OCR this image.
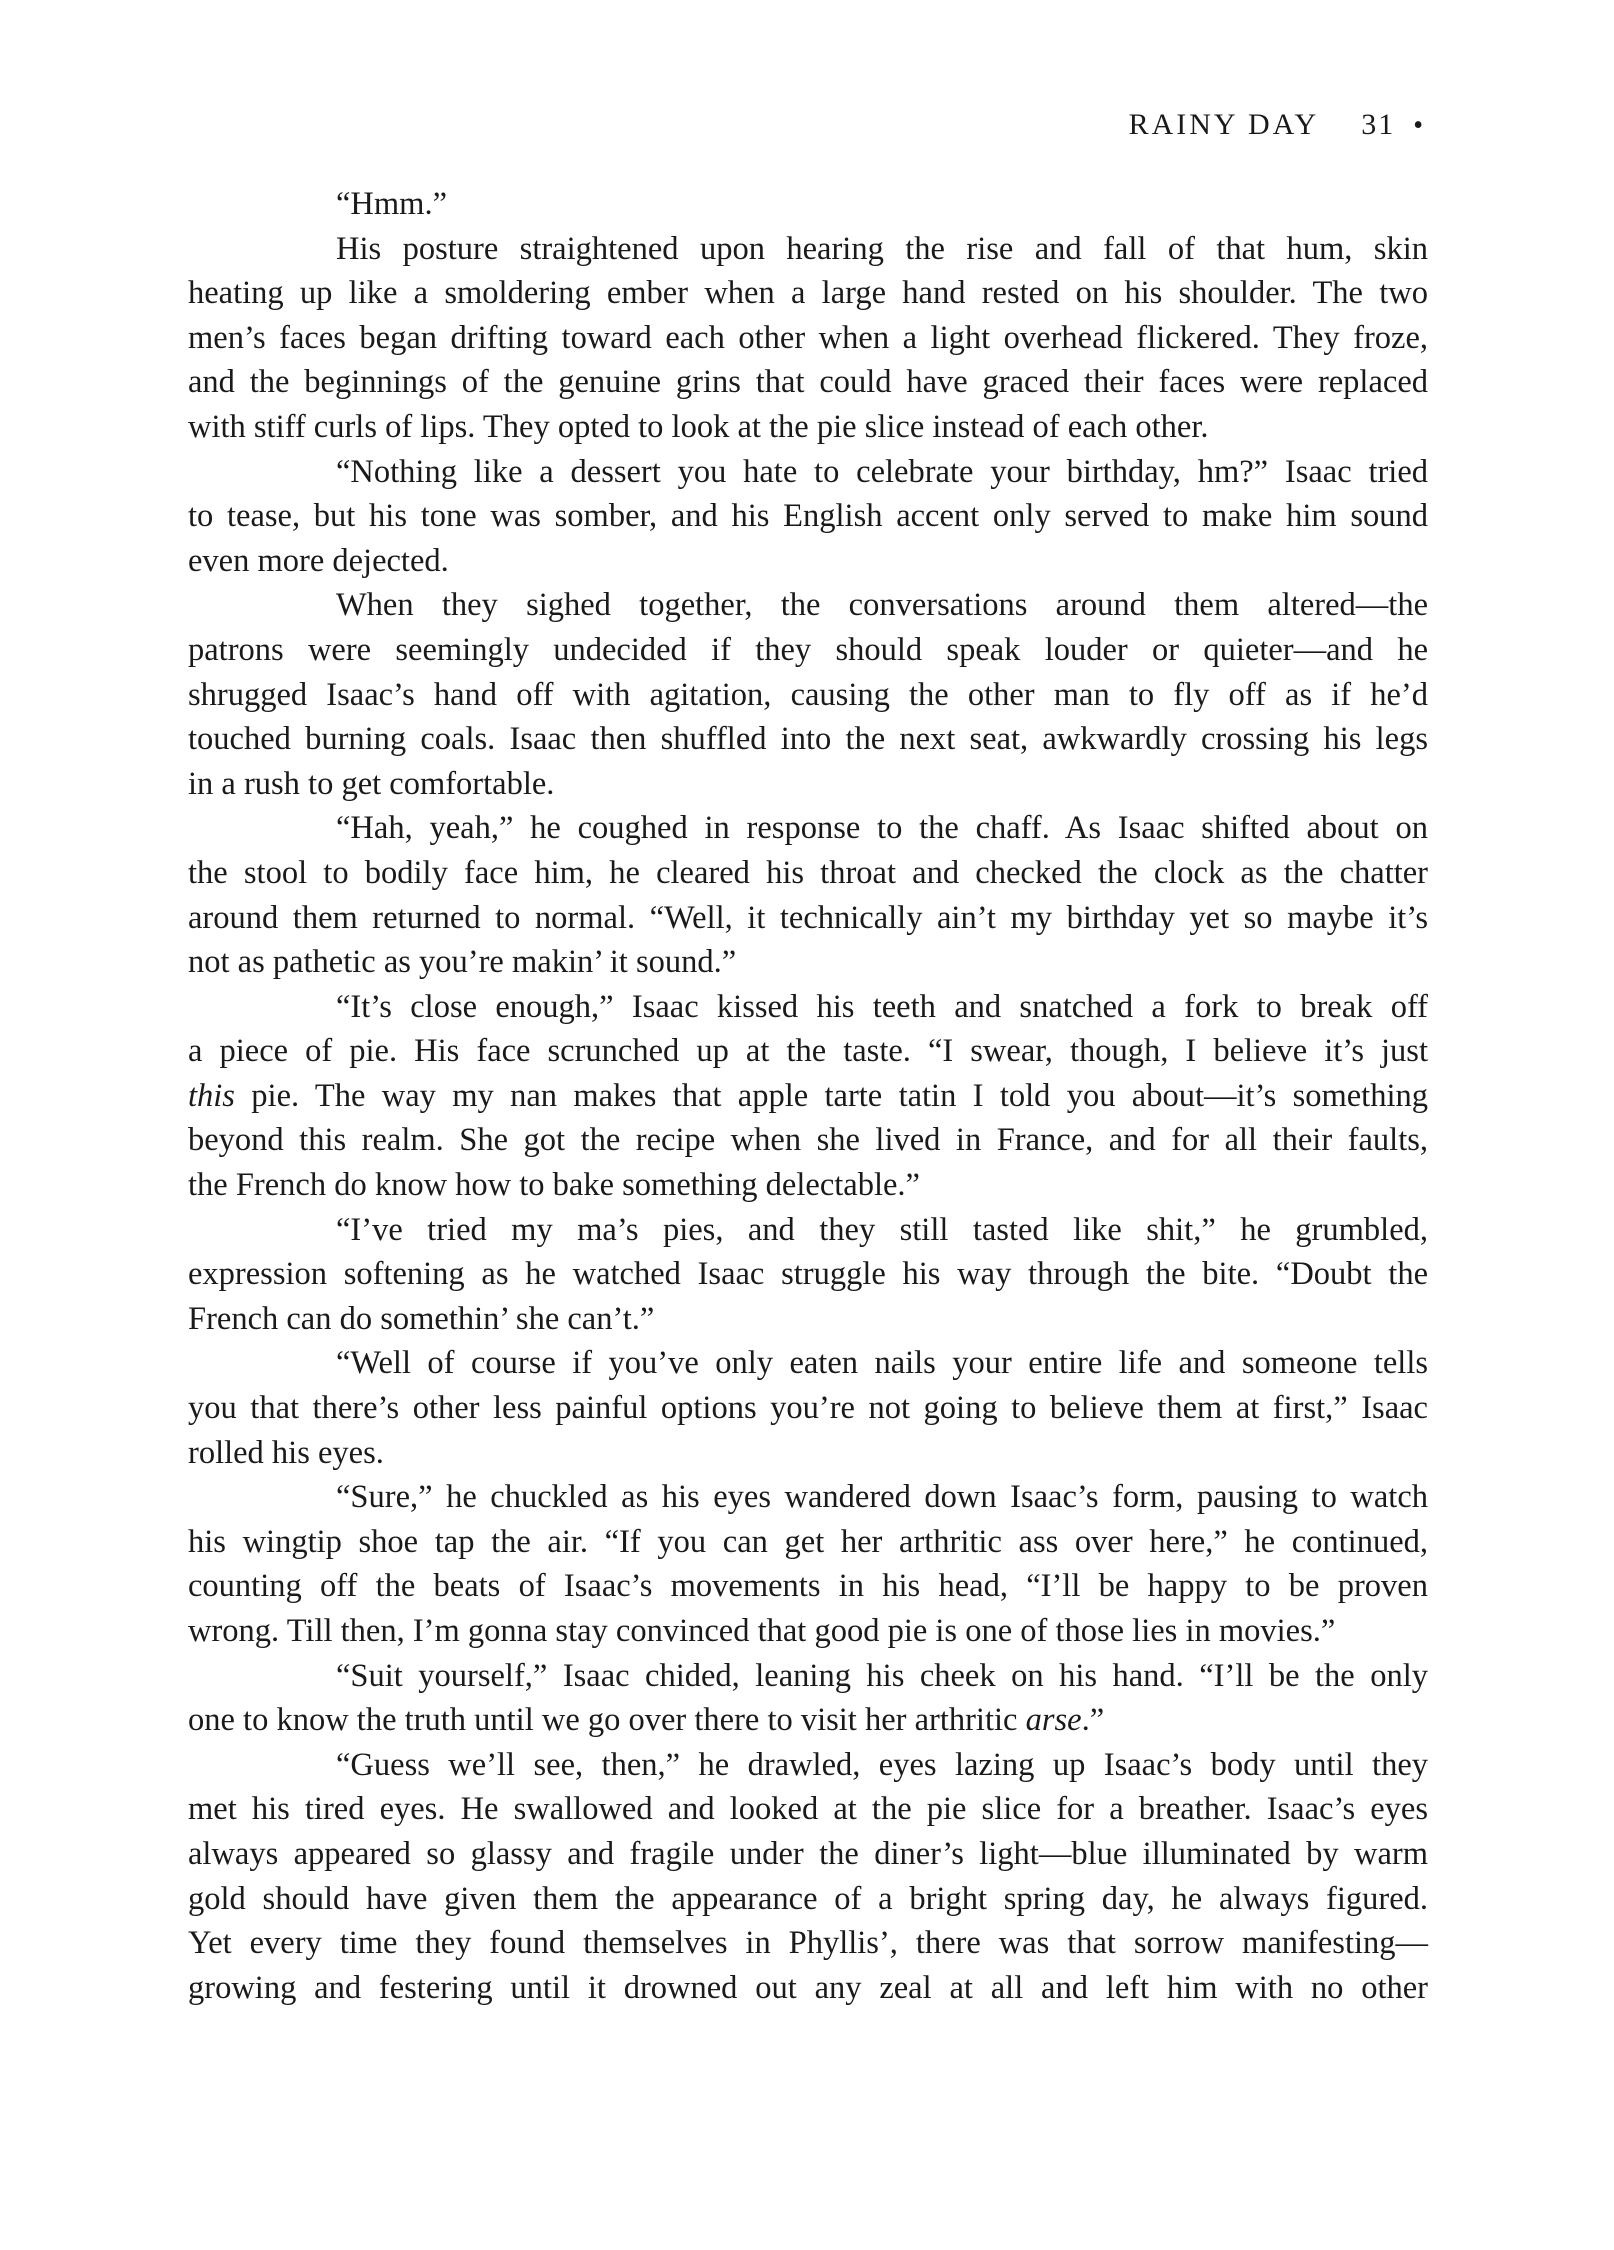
RAINY DAY 31 •
“Hmm.”
His posture straightened upon hearing the rise and fall of that hum, skin
heating up like a smoldering ember when a large hand rested on his shoulder. The two
men’s faces began drifting toward each other when a light overhead flickered. They froze,
and the beginnings of the genuine grins that could have graced their faces were replaced
with stiff curls of lips. They opted to look at the pie slice instead of each other.
“Nothing like a dessert you hate to celebrate your birthday, hm?” Isaac tried
to tease, but his tone was somber, and his English accent only served to make him sound
even more dejected.
When they sighed together, the conversations around them altered—the
patrons were seemingly undecided if they should speak louder or quieter—and he
shrugged Isaac’s hand off with agitation, causing the other man to fly off as if he’d
touched burning coals. Isaac then shuffled into the next seat, awkwardly crossing his legs
in a rush to get comfortable.
“Hah, yeah,” he coughed in response to the chaff. As Isaac shifted about on
the stool to bodily face him, he cleared his throat and checked the clock as the chatter
around them returned to normal. “Well, it technically ain’t my birthday yet so maybe it’s
not as pathetic as you’re makin’ it sound.”
“It’s close enough,” Isaac kissed his teeth and snatched a fork to break off
a piece of pie. His face scrunched up at the taste. “I swear, though, I believe it’s just
this pie. The way my nan makes that apple tarte tatin I told you about—it’s something
beyond this realm. She got the recipe when she lived in France, and for all their faults,
the French do know how to bake something delectable.”
“I’ve tried my ma’s pies, and they still tasted like shit,” he grumbled,
expression softening as he watched Isaac struggle his way through the bite. “Doubt the
French can do somethin’ she can’t.”
“Well of course if you’ve only eaten nails your entire life and someone tells
you that there’s other less painful options you’re not going to believe them at first,” Isaac
rolled his eyes.
“Sure,” he chuckled as his eyes wandered down Isaac’s form, pausing to watch
his wingtip shoe tap the air. “If you can get her arthritic ass over here,” he continued,
counting off the beats of Isaac’s movements in his head, “I’ll be happy to be proven
wrong. Till then, I’m gonna stay convinced that good pie is one of those lies in movies.”
“Suit yourself,” Isaac chided, leaning his cheek on his hand. “I’ll be the only
one to know the truth until we go over there to visit her arthritic arse.”
“Guess we’ll see, then,” he drawled, eyes lazing up Isaac’s body until they
met his tired eyes. He swallowed and looked at the pie slice for a breather. Isaac’s eyes
always appeared so glassy and fragile under the diner’s light—blue illuminated by warm
gold should have given them the appearance of a bright spring day, he always figured.
Yet every time they found themselves in Phyllis’, there was that sorrow manifesting—
growing and festering until it drowned out any zeal at all and left him with no other
